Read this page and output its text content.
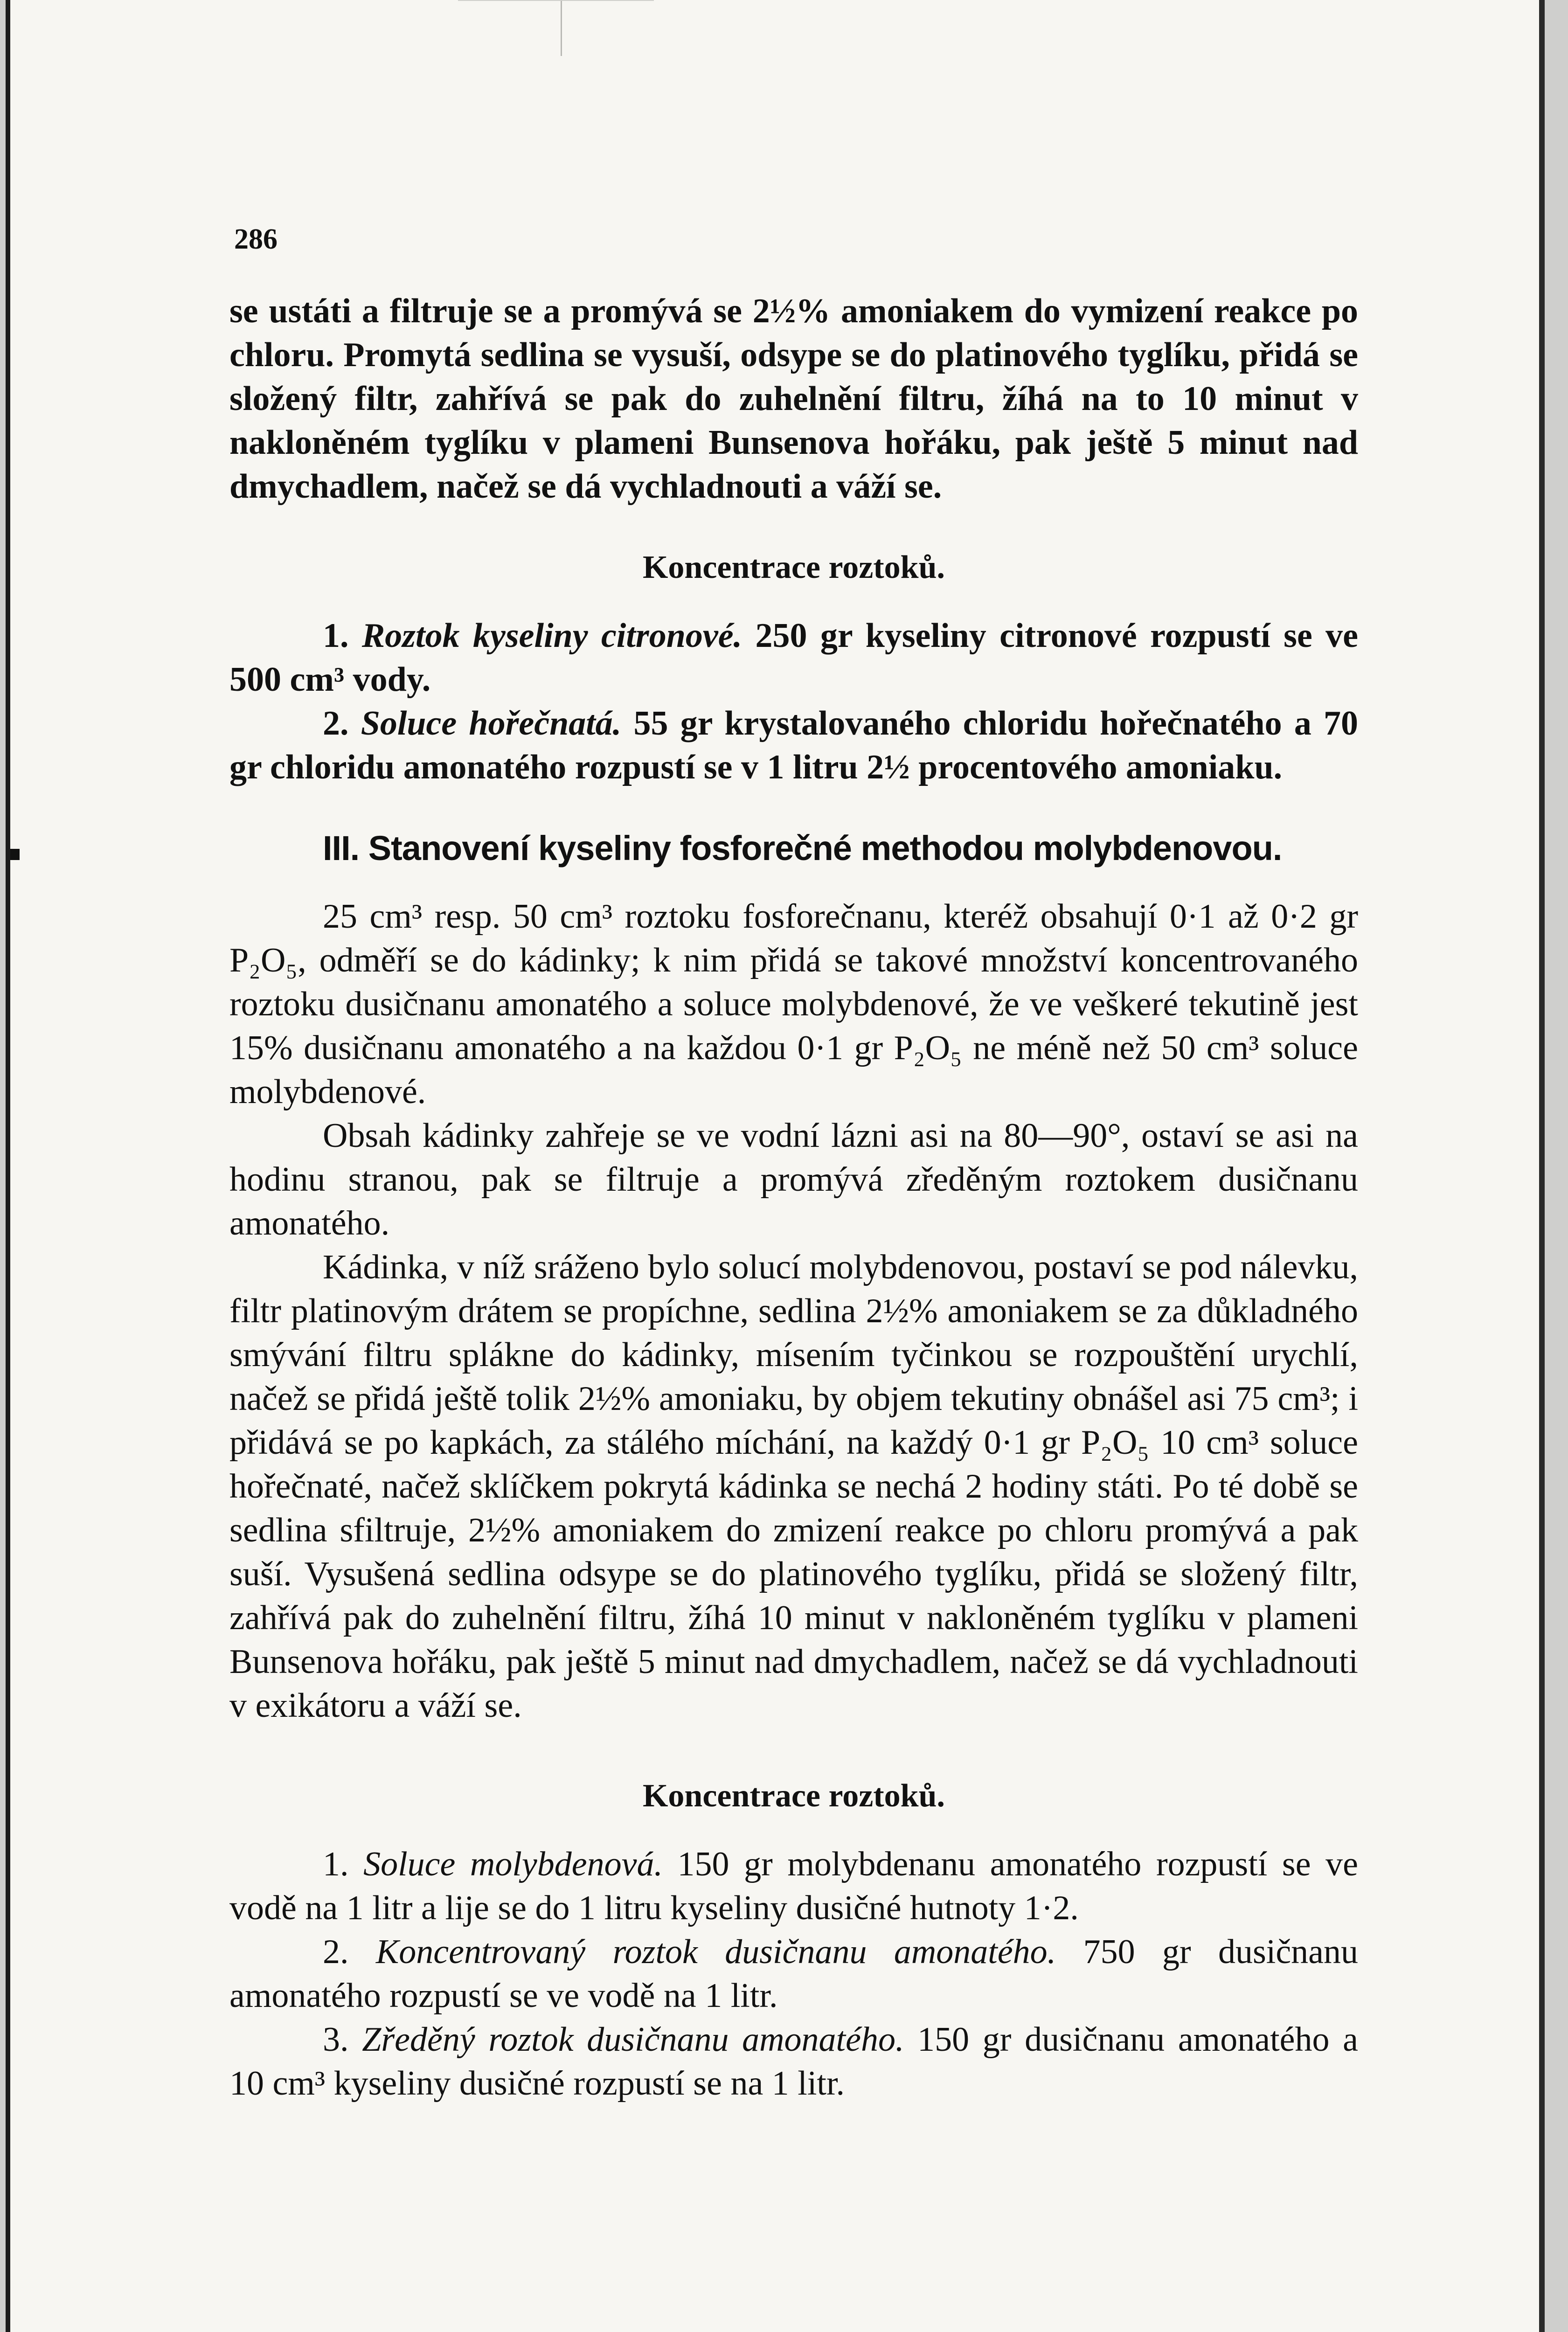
286

se ustáti a filtruje se a promývá se 2½% amoniakem do vymizení reakce po chloru. Promytá sedlina se vysuší, odsype se do platinového tyglíku, přidá se složený filtr, zahřívá se pak do zuhelnění filtru, žíhá na to 10 minut v nakloněném tyglíku v plameni Bunsenova hořáku, pak ještě 5 minut nad dmychadlem, načež se dá vychladnouti a váží se.

Koncentrace roztoků.

1. Roztok kyseliny citronové. 250 gr kyseliny citronové rozpustí se ve 500 cm³ vody.

2. Soluce hořečnatá. 55 gr krystalovaného chloridu hořečnatého a 70 gr chloridu amonatého rozpustí se v 1 litru 2½ procentového amoniaku.

III. Stanovení kyseliny fosforečné methodou molybdenovou.

25 cm³ resp. 50 cm³ roztoku fosforečnanu, kteréž obsahují 0·1 až 0·2 gr P₂O₅, odměří se do kádinky; k nim přidá se takové množství koncentrovaného roztoku dusičnanu amonatého a soluce molybdenové, že ve veškeré tekutině jest 15% dusičnanu amonatého a na každou 0·1 gr P₂O₅ ne méně než 50 cm³ soluce molybdenové.

Obsah kádinky zahřeje se ve vodní lázni asi na 80—90°, ostaví se asi na hodinu stranou, pak se filtruje a promývá zředěným roztokem dusičnanu amonatého.

Kádinka, v níž sráženo bylo solucí molybdenovou, postaví se pod nálevku, filtr platinovým drátem se propíchne, sedlina 2½% amoniakem se za důkladného smývání filtru splákne do kádinky, mísením tyčinkou se rozpouštění urychlí, načež se přidá ještě tolik 2½% amoniaku, by objem tekutiny obnášel asi 75 cm³; i přidává se po kapkách, za stálého míchání, na každý 0·1 gr P₂O₅ 10 cm³ soluce hořečnaté, načež sklíčkem pokrytá kádinka se nechá 2 hodiny státi. Po té době se sedlina sfiltruje, 2½% amoniakem do zmizení reakce po chloru promývá a pak suší. Vysušená sedlina odsype se do platinového tyglíku, přidá se složený filtr, zahřívá pak do zuhelnění filtru, žíhá 10 minut v nakloněném tyglíku v plameni Bunsenova hořáku, pak ještě 5 minut nad dmychadlem, načež se dá vychladnouti v exikátoru a váží se.

Koncentrace roztoků.

1. Soluce molybdenová. 150 gr molybdenanu amonatého rozpustí se ve vodě na 1 litr a lije se do 1 litru kyseliny dusičné hutnoty 1·2.

2. Koncentrovaný roztok dusičnanu amonatého. 750 gr dusičnanu amonatého rozpustí se ve vodě na 1 litr.

3. Zředěný roztok dusičnanu amonatého. 150 gr dusičnanu amonatého a 10 cm³ kyseliny dusičné rozpustí se na 1 litr.
